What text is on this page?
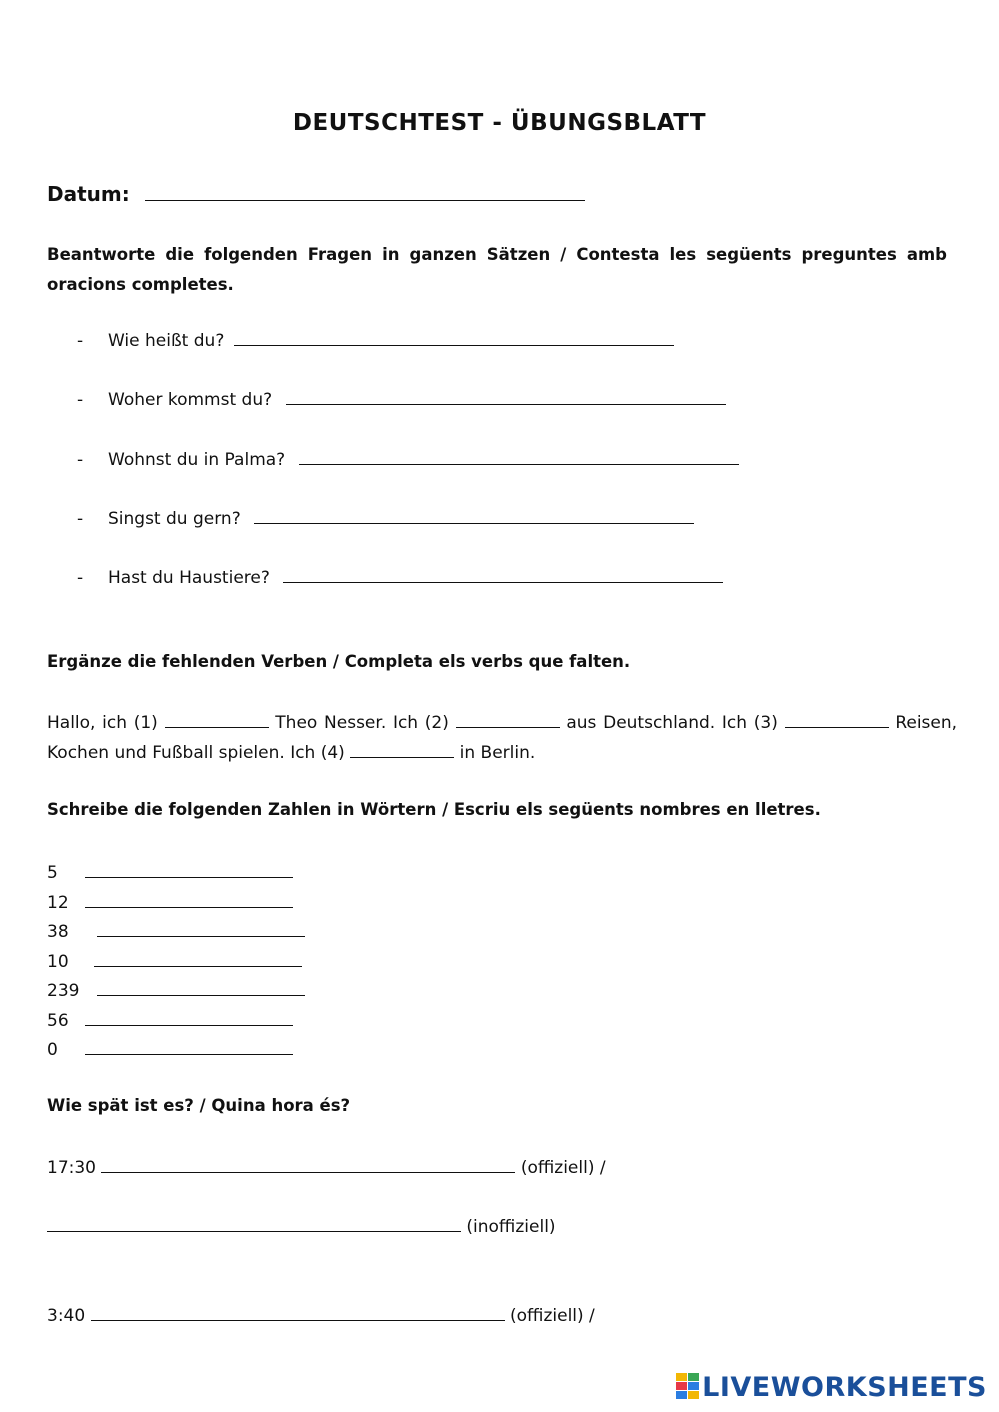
DEUTSCHTEST - ÜBUNGSBLATT
Datum:
Beantworte die folgenden Fragen in ganzen Sätzen / Contesta les següents preguntes amb oracions completes.
- Wie heißt du?
- Woher kommst du?
- Wohnst du in Palma?
- Singst du gern?
- Hast du Haustiere?
Ergänze die fehlenden Verben / Completa els verbs que falten.
Hallo, ich (1)	Theo Nesser. Ich (2)	aus Deutschland. Ich (3)	Reisen, Kochen und Fußball spielen. Ich (4)	in Berlin.
Schreibe die folgenden Zahlen in Wörtern / Escriu els següents nombres en lletres.
5
12
38
10
239
56
0
Wie spät ist es? / Quina hora és?
17:30	(offiziell) /
(inoffiziell)
3:40	(offiziell) /
LIVEWORKSHEETS
